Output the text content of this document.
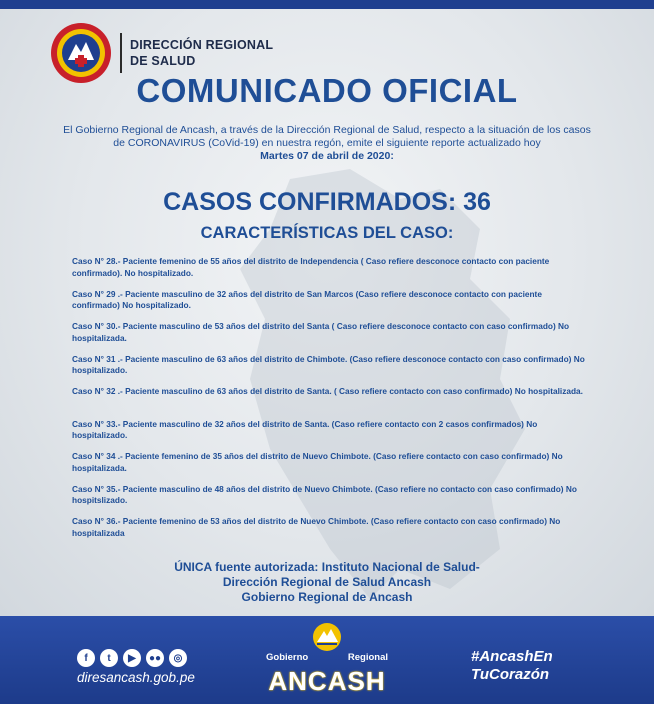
DIRECCIÓN REGIONAL
DE SALUD
COMUNICADO OFICIAL
El Gobierno Regional de Ancash, a través de la Dirección Regional de Salud, respecto a la situación de los casos de CORONAVIRUS (CoVid-19) en nuestra regón, emite el siguiente reporte actualizado hoy
Martes 07 de abril de 2020:
CASOS CONFIRMADOS: 36
CARACTERÍSTICAS DEL CASO:

Caso N° 28.- Paciente femenino de 55 años del distrito de Independencia ( Caso refiere desconoce contacto con paciente confirmado). No hospitalizado.

Caso N° 29 .- Paciente masculino de 32 años del distrito de San Marcos (Caso refiere desconoce contacto con paciente confirmado) No hospitalizado.

Caso N° 30.- Paciente masculino de 53 años del distrito del Santa ( Caso refiere desconoce contacto con caso confirmado) No hospitalizada.

Caso N° 31 .- Paciente masculino de 63 años del distrito de Chimbote. (Caso refiere desconoce contacto con caso confirmado) No hospitalizado.

Caso N° 32 .- Paciente masculino de 63 años del distrito de Santa. ( Caso refiere contacto con caso confirmado) No hospitalizada.

Caso N° 33.- Paciente masculino de 32 años del distrito de Santa. (Caso refiere contacto con 2 casos confirmados) No hospitalizado.

Caso N° 34 .- Paciente femenino de 35 años del distrito de Nuevo Chimbote. (Caso refiere contacto con caso confirmado) No hospitalizada.

Caso N° 35.- Paciente masculino de 48 años del distrito de Nuevo Chimbote. (Caso refiere no contacto con caso confirmado) No hospitslizado.

Caso N° 36.- Paciente femenino de 53 años del distrito de Nuevo Chimbote. (Caso refiere contacto con caso confirmado) No hospitalizada

ÚNICA fuente autorizada: Instituto Nacional de Salud-
Dirección Regional de Salud Ancash
Gobierno Regional de Ancash
f	t	▶	●●	◎
diresancash.gob.pe
Gobierno	Regional
ANCASH
#AncashEn
TuCorazón
